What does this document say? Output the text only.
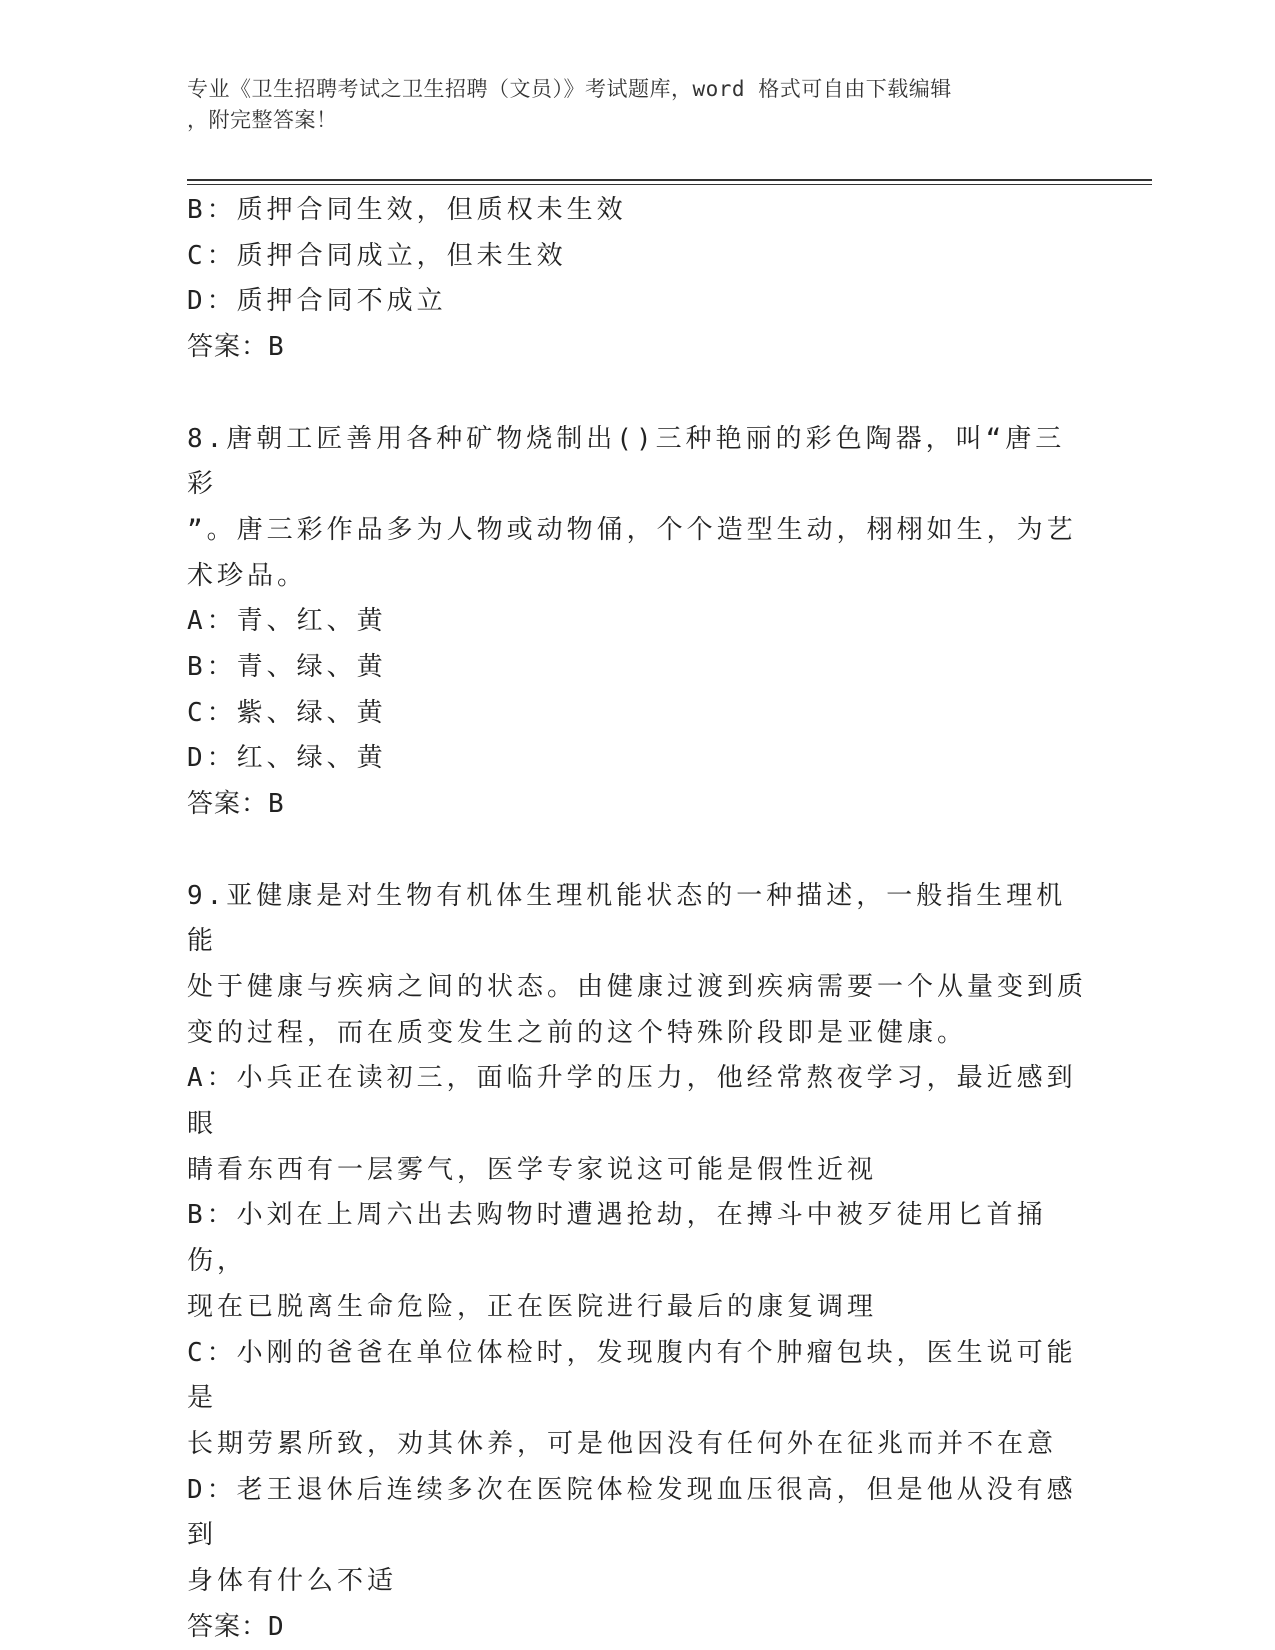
专业《卫生招聘考试之卫生招聘（文员）》考试题库，word 格式可自由下载编辑
，附完整答案！

B：质押合同生效，但质权未生效

C：质押合同成立，但未生效

D：质押合同不成立

答案：B

8.唐朝工匠善用各种矿物烧制出()三种艳丽的彩色陶器，叫“唐三彩

”。唐三彩作品多为人物或动物俑，个个造型生动，栩栩如生，为艺

术珍品。

A：青、红、黄

B：青、绿、黄

C：紫、绿、黄

D：红、绿、黄

答案：B

9.亚健康是对生物有机体生理机能状态的一种描述，一般指生理机能

处于健康与疾病之间的状态。由健康过渡到疾病需要一个从量变到质

变的过程，而在质变发生之前的这个特殊阶段即是亚健康。

A：小兵正在读初三，面临升学的压力，他经常熬夜学习，最近感到眼

睛看东西有一层雾气，医学专家说这可能是假性近视

B：小刘在上周六出去购物时遭遇抢劫，在搏斗中被歹徒用匕首捅伤，

现在已脱离生命危险，正在医院进行最后的康复调理

C：小刚的爸爸在单位体检时，发现腹内有个肿瘤包块，医生说可能是

长期劳累所致，劝其休养，可是他因没有任何外在征兆而并不在意

D：老王退休后连续多次在医院体检发现血压很高，但是他从没有感到

身体有什么不适

答案：D
